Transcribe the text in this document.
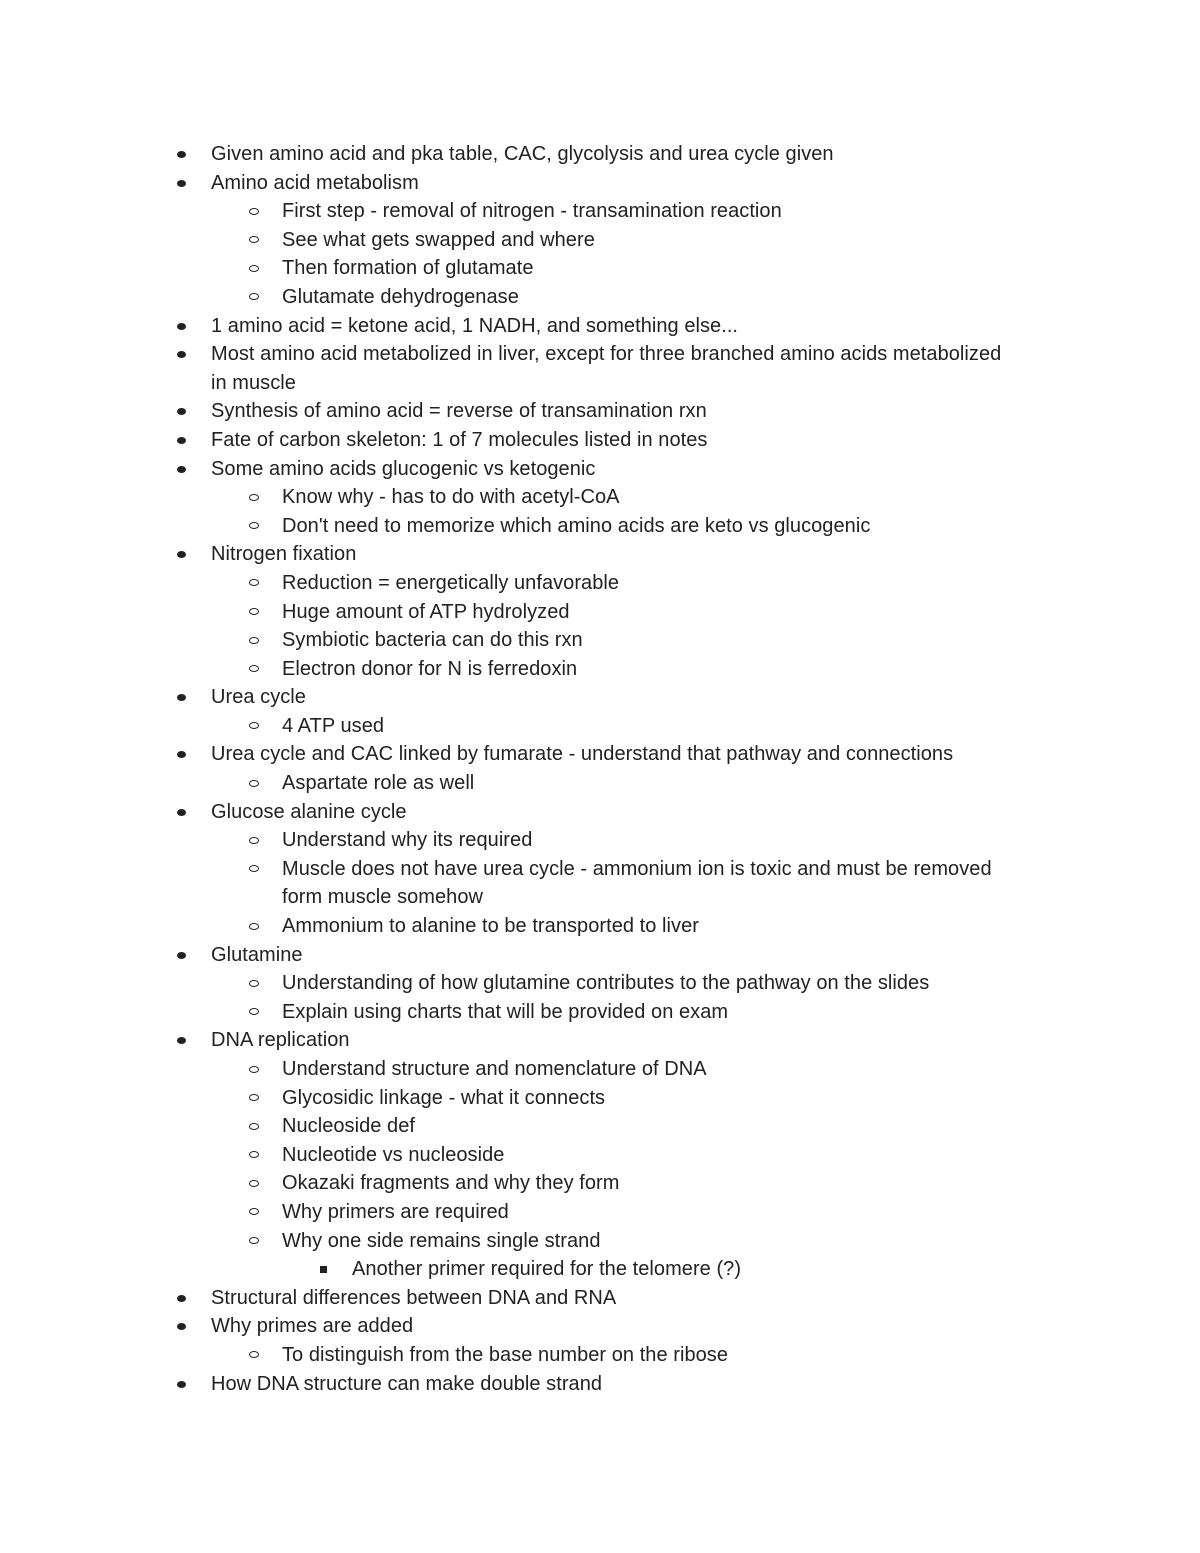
Given amino acid and pka table, CAC, glycolysis and urea cycle given
Amino acid metabolism
First step - removal of nitrogen - transamination reaction
See what gets swapped and where
Then formation of glutamate
Glutamate dehydrogenase
1 amino acid = ketone acid, 1 NADH, and something else...
Most amino acid metabolized in liver, except for three branched amino acids metabolized
in muscle
Synthesis of amino acid = reverse of transamination rxn
Fate of carbon skeleton: 1 of 7 molecules listed in notes
Some amino acids glucogenic vs ketogenic
Know why - has to do with acetyl-CoA
Don't need to memorize which amino acids are keto vs glucogenic
Nitrogen fixation
Reduction = energetically unfavorable
Huge amount of ATP hydrolyzed
Symbiotic bacteria can do this rxn
Electron donor for N is ferredoxin
Urea cycle
4 ATP used
Urea cycle and CAC linked by fumarate - understand that pathway and connections
Aspartate role as well
Glucose alanine cycle
Understand why its required
Muscle does not have urea cycle - ammonium ion is toxic and must be removed
form muscle somehow
Ammonium to alanine to be transported to liver
Glutamine
Understanding of how glutamine contributes to the pathway on the slides
Explain using charts that will be provided on exam
DNA replication
Understand structure and nomenclature of DNA
Glycosidic linkage - what it connects
Nucleoside def
Nucleotide vs nucleoside
Okazaki fragments and why they form
Why primers are required
Why one side remains single strand
Another primer required for the telomere (?)
Structural differences between DNA and RNA
Why primes are added
To distinguish from the base number on the ribose
How DNA structure can make double strand
